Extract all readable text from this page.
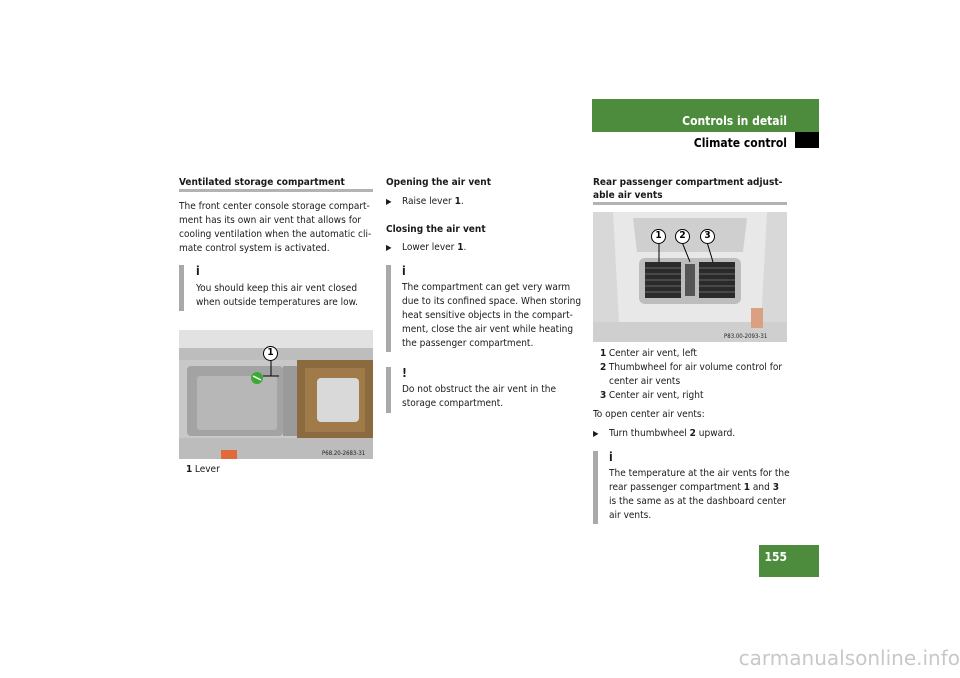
Controls in detail
Climate control
Ventilated storage compartment
The front center console storage compart-
ment has its own air vent that allows for
cooling ventilation when the automatic cli-
mate control system is activated.
i
You should keep this air vent closed
when outside temperatures are low.
1
P68.20-2683-31
1 Lever
Opening the air vent
▶ Raise lever 1.
Closing the air vent
▶ Lower lever 1.
i
The compartment can get very warm
due to its confined space. When storing
heat sensitive objects in the compart-
ment, close the air vent while heating
the passenger compartment.
!
Do not obstruct the air vent in the
storage compartment.
Rear passenger compartment adjust-
able air vents
1	2	3
P83.00-2093-31
1 Center air vent, left
2 Thumbwheel for air volume control for
center air vents
3 Center air vent, right
To open center air vents:
▶ Turn thumbwheel 2 upward.
i
The temperature at the air vents for the
rear passenger compartment 1 and 3
is the same as at the dashboard center
air vents.
155
carmanualsonline.info
